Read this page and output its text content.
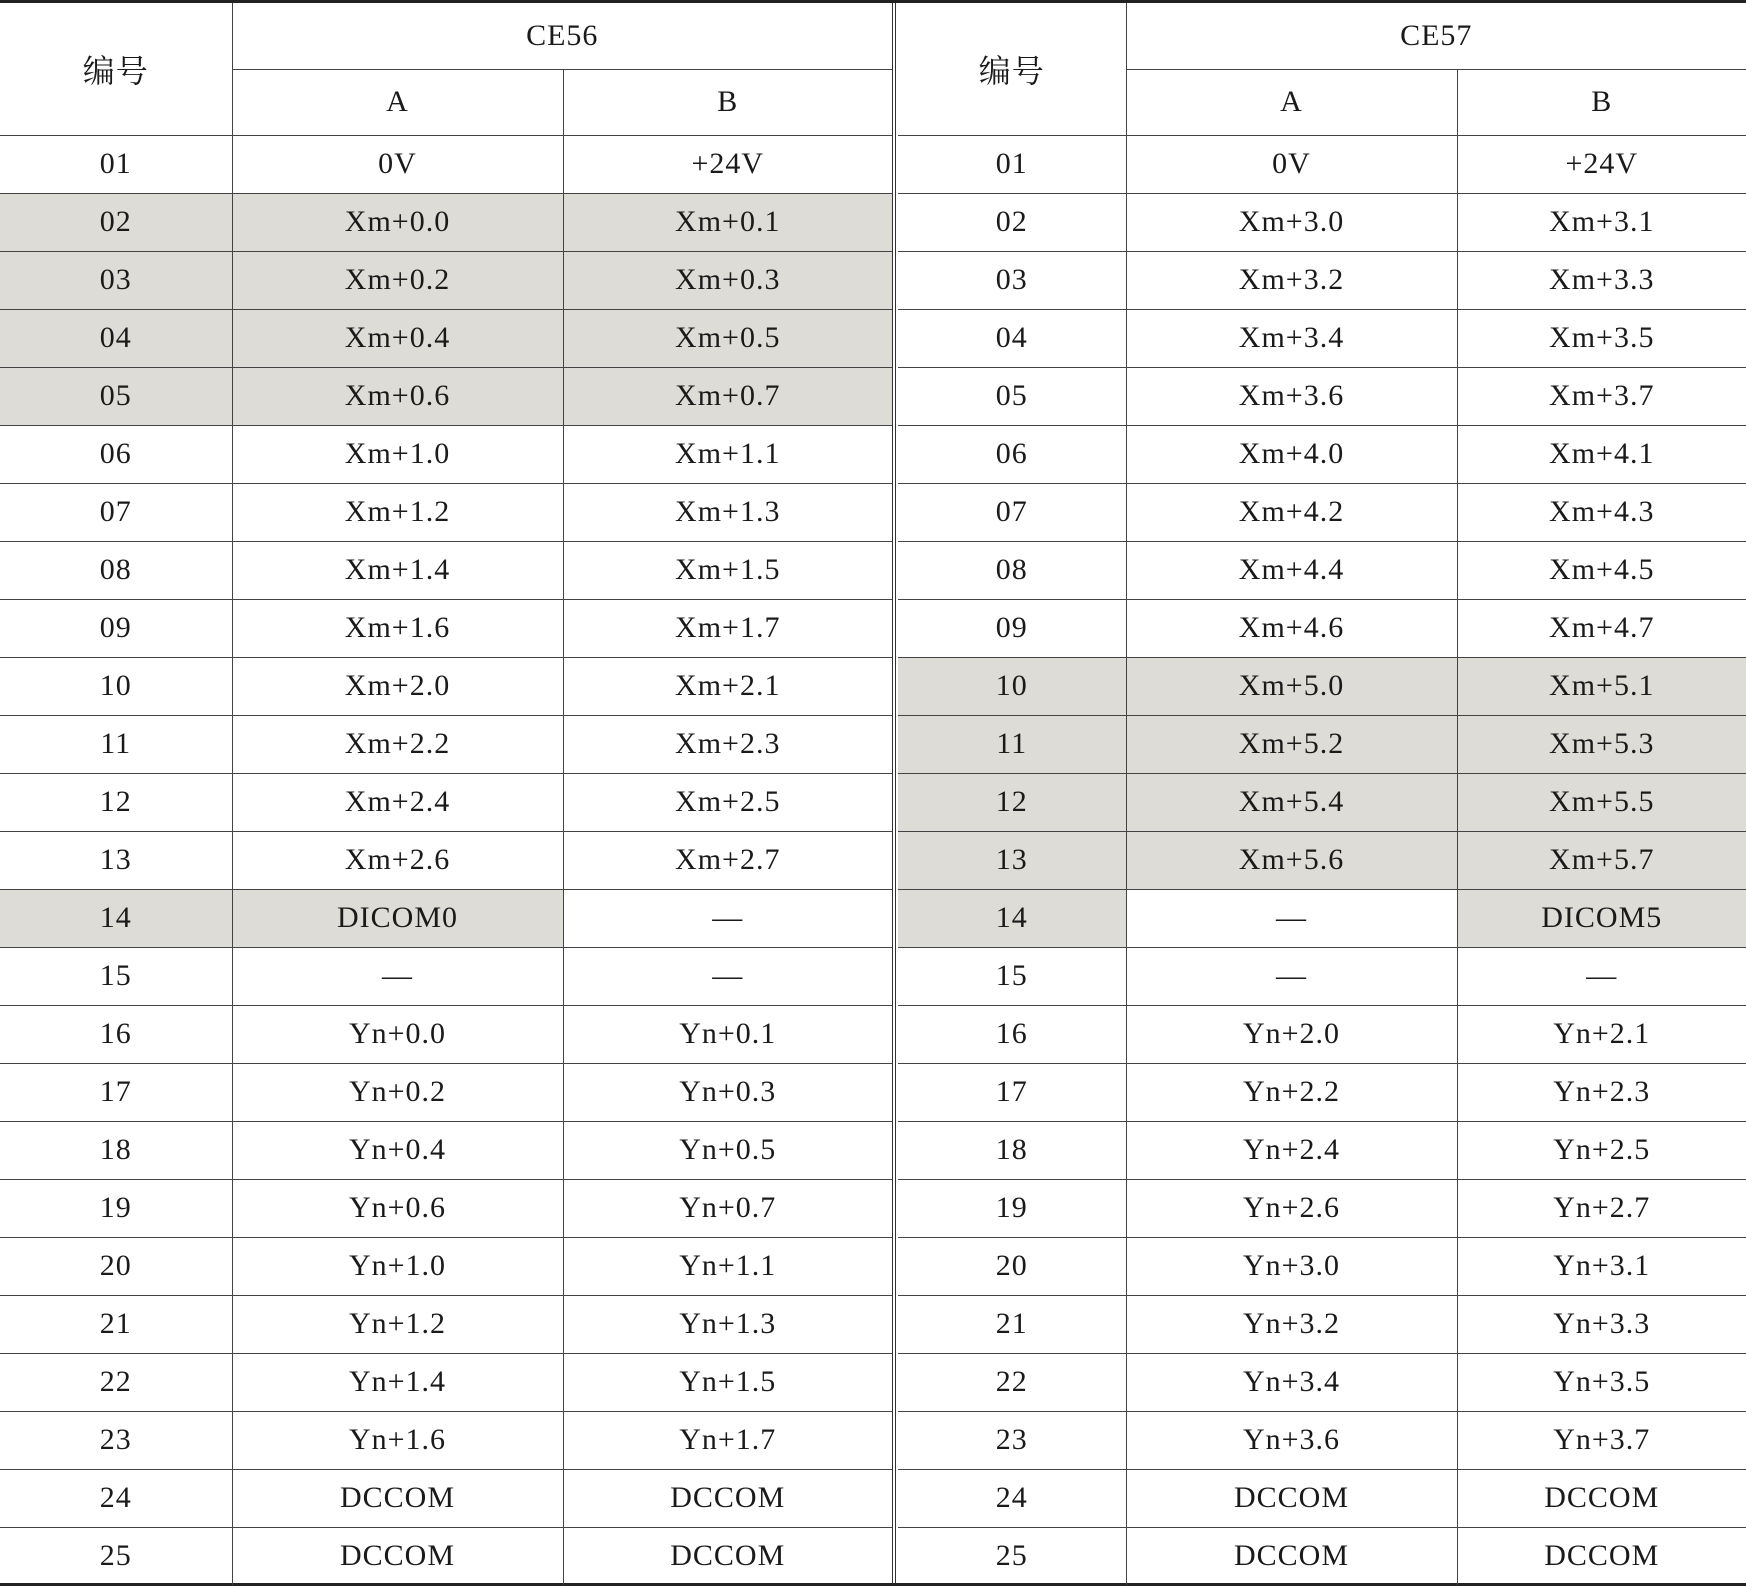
编号	CE56	
	A	B
01	0V	+24V
02	Xm+0.0	Xm+0.1
03	Xm+0.2	Xm+0.3
04	Xm+0.4	Xm+0.5
05	Xm+0.6	Xm+0.7
06	Xm+1.0	Xm+1.1
07	Xm+1.2	Xm+1.3
08	Xm+1.4	Xm+1.5
09	Xm+1.6	Xm+1.7
10	Xm+2.0	Xm+2.1
11	Xm+2.2	Xm+2.3
12	Xm+2.4	Xm+2.5
13	Xm+2.6	Xm+2.7
14	DICOM0	—
15	—	—
16	Yn+0.0	Yn+0.1
17	Yn+0.2	Yn+0.3
18	Yn+0.4	Yn+0.5
19	Yn+0.6	Yn+0.7
20	Yn+1.0	Yn+1.1
21	Yn+1.2	Yn+1.3
22	Yn+1.4	Yn+1.5
23	Yn+1.6	Yn+1.7
24	DCCOM	DCCOM
25	DCCOM	DCCOM
编号	CE57	
	A	B
01	0V	+24V
02	Xm+3.0	Xm+3.1
03	Xm+3.2	Xm+3.3
04	Xm+3.4	Xm+3.5
05	Xm+3.6	Xm+3.7
06	Xm+4.0	Xm+4.1
07	Xm+4.2	Xm+4.3
08	Xm+4.4	Xm+4.5
09	Xm+4.6	Xm+4.7
10	Xm+5.0	Xm+5.1
11	Xm+5.2	Xm+5.3
12	Xm+5.4	Xm+5.5
13	Xm+5.6	Xm+5.7
14	—	DICOM5
15	—	—
16	Yn+2.0	Yn+2.1
17	Yn+2.2	Yn+2.3
18	Yn+2.4	Yn+2.5
19	Yn+2.6	Yn+2.7
20	Yn+3.0	Yn+3.1
21	Yn+3.2	Yn+3.3
22	Yn+3.4	Yn+3.5
23	Yn+3.6	Yn+3.7
24	DCCOM	DCCOM
25	DCCOM	DCCOM
